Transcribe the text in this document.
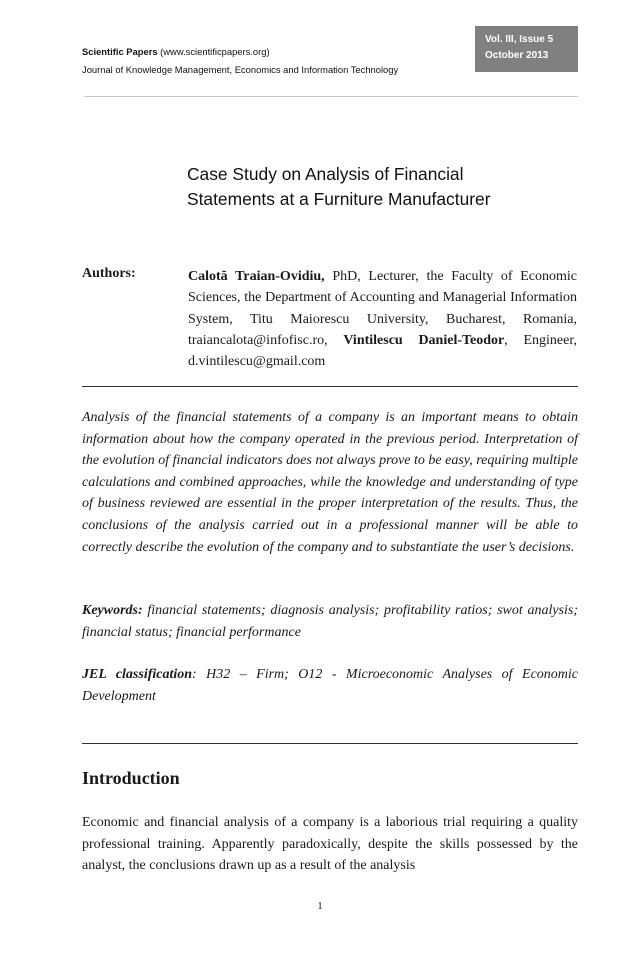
Scientific Papers (www.scientificpapers.org)
Journal of Knowledge Management, Economics and Information Technology
Vol. III, Issue 5
October 2013
Case Study on Analysis of Financial
Statements at a Furniture Manufacturer
Authors:	Calotă Traian-Ovidiu, PhD, Lecturer, the Faculty of Economic Sciences, the Department of Accounting and Managerial Information System, Titu Maiorescu University, Bucharest, Romania, traiancalota@infofisc.ro, Vintilescu Daniel-Teodor, Engineer, d.vintilescu@gmail.com
Analysis of the financial statements of a company is an important means to obtain information about how the company operated in the previous period. Interpretation of the evolution of financial indicators does not always prove to be easy, requiring multiple calculations and combined approaches, while the knowledge and understanding of type of business reviewed are essential in the proper interpretation of the results. Thus, the conclusions of the analysis carried out in a professional manner will be able to correctly describe the evolution of the company and to substantiate the user’s decisions.
Keywords: financial statements; diagnosis analysis; profitability ratios; swot analysis; financial status; financial performance
JEL classification: H32 – Firm; O12 - Microeconomic Analyses of Economic Development
Introduction
Economic and financial analysis of a company is a laborious trial requiring a quality professional training. Apparently paradoxically, despite the skills possessed by the analyst, the conclusions drawn up as a result of the analysis
1
